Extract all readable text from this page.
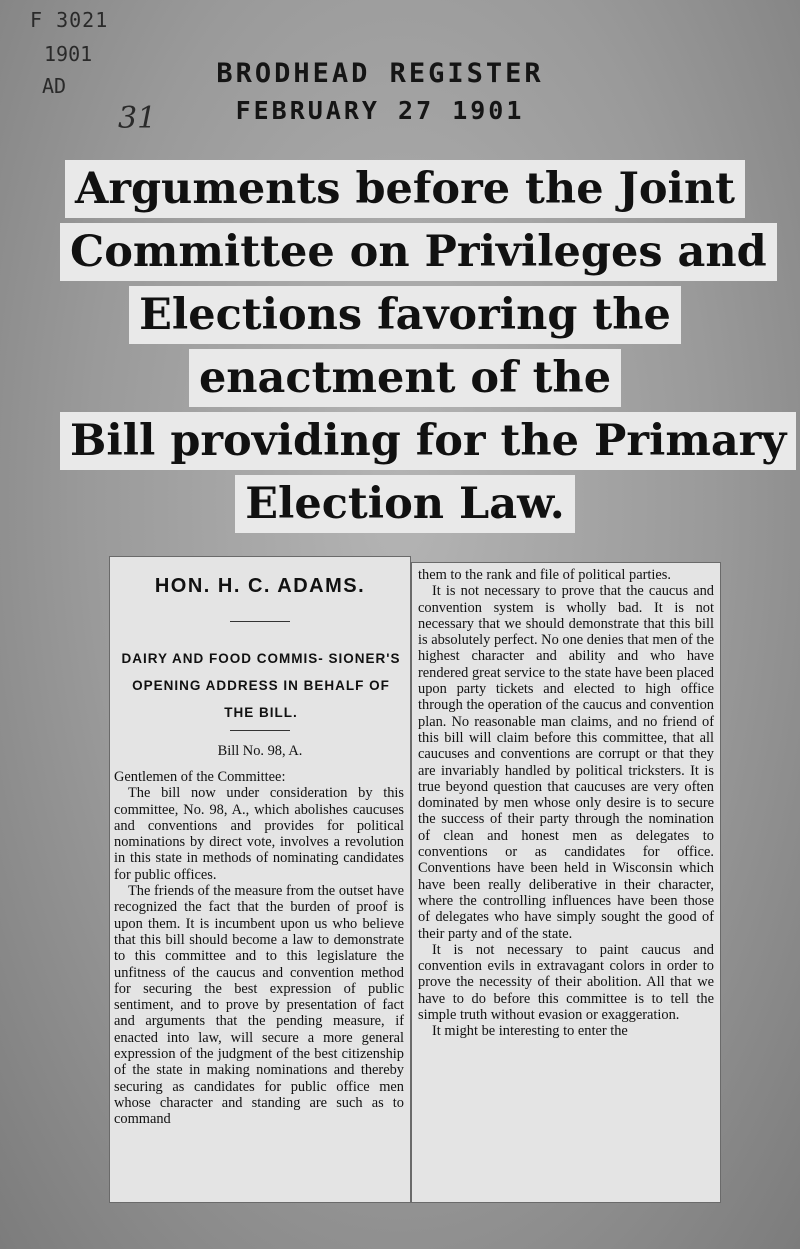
F 3021
1901
AD
31
BRODHEAD REGISTER
FEBRUARY 27 1901
Arguments before the Joint
Committee on Privileges and
Elections favoring the
enactment of the
Bill providing for the Primary
Election Law.
HON. H. C. ADAMS.
DAIRY AND FOOD COMMIS- SIONER'S OPENING ADDRESS IN BEHALF OF THE BILL.
Bill No. 98, A.

Gentlemen of the Committee:

The bill now under consideration by this committee, No. 98, A., which abolishes caucuses and conventions and provides for political nominations by direct vote, involves a revolution in this state in methods of nominating candidates for public offices.

The friends of the measure from the outset have recognized the fact that the burden of proof is upon them. It is incumbent upon us who believe that this bill should become a law to demonstrate to this committee and to this legislature the unfitness of the caucus and convention method for securing the best expression of public sentiment, and to prove by presentation of fact and arguments that the pending measure, if enacted into law, will secure a more general expression of the judgment of the best citizenship of the state in making nominations and thereby securing as candidates for public office men whose character and standing are such as to command

them to the rank and file of political parties.

It is not necessary to prove that the caucus and convention system is wholly bad. It is not necessary that we should demonstrate that this bill is absolutely perfect. No one denies that men of the highest character and ability and who have rendered great service to the state have been placed upon party tickets and elected to high office through the operation of the caucus and convention plan. No reasonable man claims, and no friend of this bill will claim before this committee, that all caucuses and conventions are corrupt or that they are invariably handled by political tricksters. It is true beyond question that caucuses are very often dominated by men whose only desire is to secure the success of their party through the nomination of clean and honest men as delegates to conventions or as candidates for office. Conventions have been held in Wisconsin which have been really deliberative in their character, where the controlling influences have been those of delegates who have simply sought the good of their party and of the state.

It is not necessary to paint caucus and convention evils in extravagant colors in order to prove the necessity of their abolition. All that we have to do before this committee is to tell the simple truth without evasion or exaggeration.

It might be interesting to enter the
